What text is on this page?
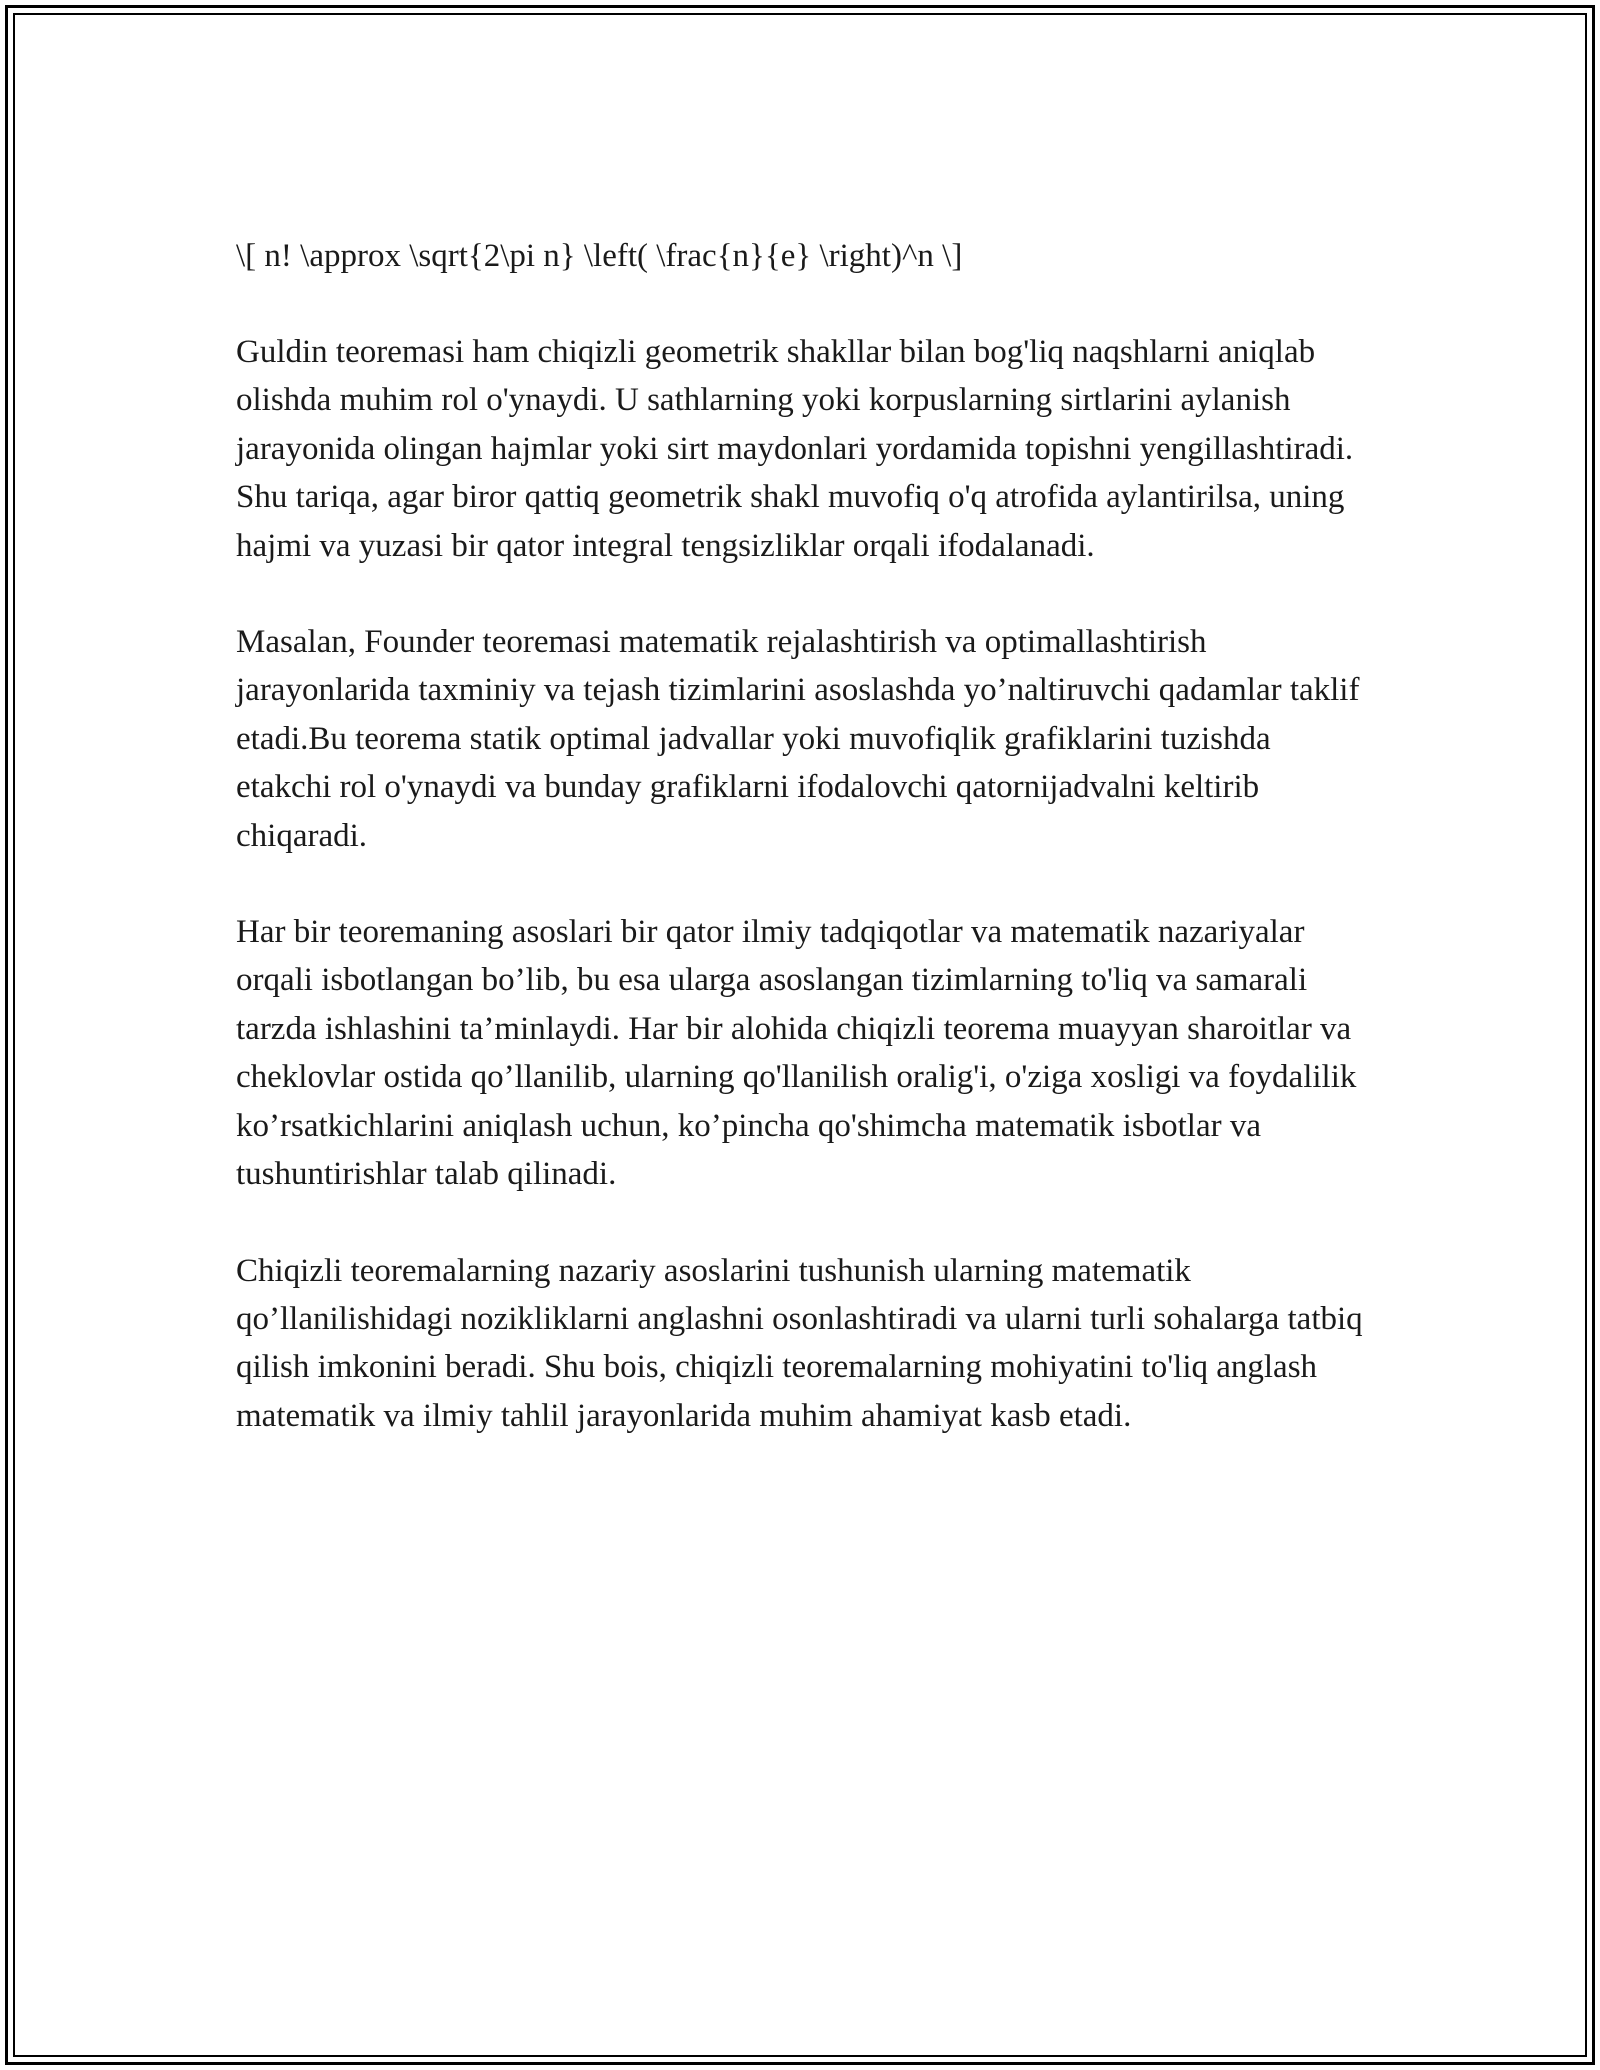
\[ n! \approx \sqrt{2\pi n} \left( \frac{n}{e} \right)^n \]

Guldin teoremasi ham chiqizli geometrik shakllar bilan bog'liq naqshlarni aniqlab olishda muhim rol o'ynaydi. U sathlarning yoki korpuslarning sirtlarini aylanish jarayonida olingan hajmlar yoki sirt maydonlari yordamida topishni yengillashtiradi. Shu tariqa, agar biror qattiq geometrik shakl muvofiq o'q atrofida aylantirilsa, uning hajmi va yuzasi bir qator integral tengsizliklar orqali ifodalanadi.

Masalan, Founder teoremasi matematik rejalashtirish va optimallashtirish jarayonlarida taxminiy va tejash tizimlarini asoslashda yo’naltiruvchi qadamlar taklif etadi.Bu teorema statik optimal jadvallar yoki muvofiqlik grafiklarini tuzishda etakchi rol o'ynaydi va bunday grafiklarni ifodalovchi qatornijadvalni keltirib chiqaradi.

Har bir teoremaning asoslari bir qator ilmiy tadqiqotlar va matematik nazariyalar orqali isbotlangan bo’lib, bu esa ularga asoslangan tizimlarning to'liq va samarali tarzda ishlashini ta’minlaydi. Har bir alohida chiqizli teorema muayyan sharoitlar va cheklovlar ostida qo’llanilib, ularning qo'llanilish oralig'i, o'ziga xosligi va foydalilik ko’rsatkichlarini aniqlash uchun, ko’pincha qo'shimcha matematik isbotlar va tushuntirishlar talab qilinadi.

Chiqizli teoremalarning nazariy asoslarini tushunish ularning matematik qo’llanilishidagi nozikliklarni anglashni osonlashtiradi va ularni turli sohalarga tatbiq qilish imkonini beradi. Shu bois, chiqizli teoremalarning mohiyatini to'liq anglash matematik va ilmiy tahlil jarayonlarida muhim ahamiyat kasb etadi.
